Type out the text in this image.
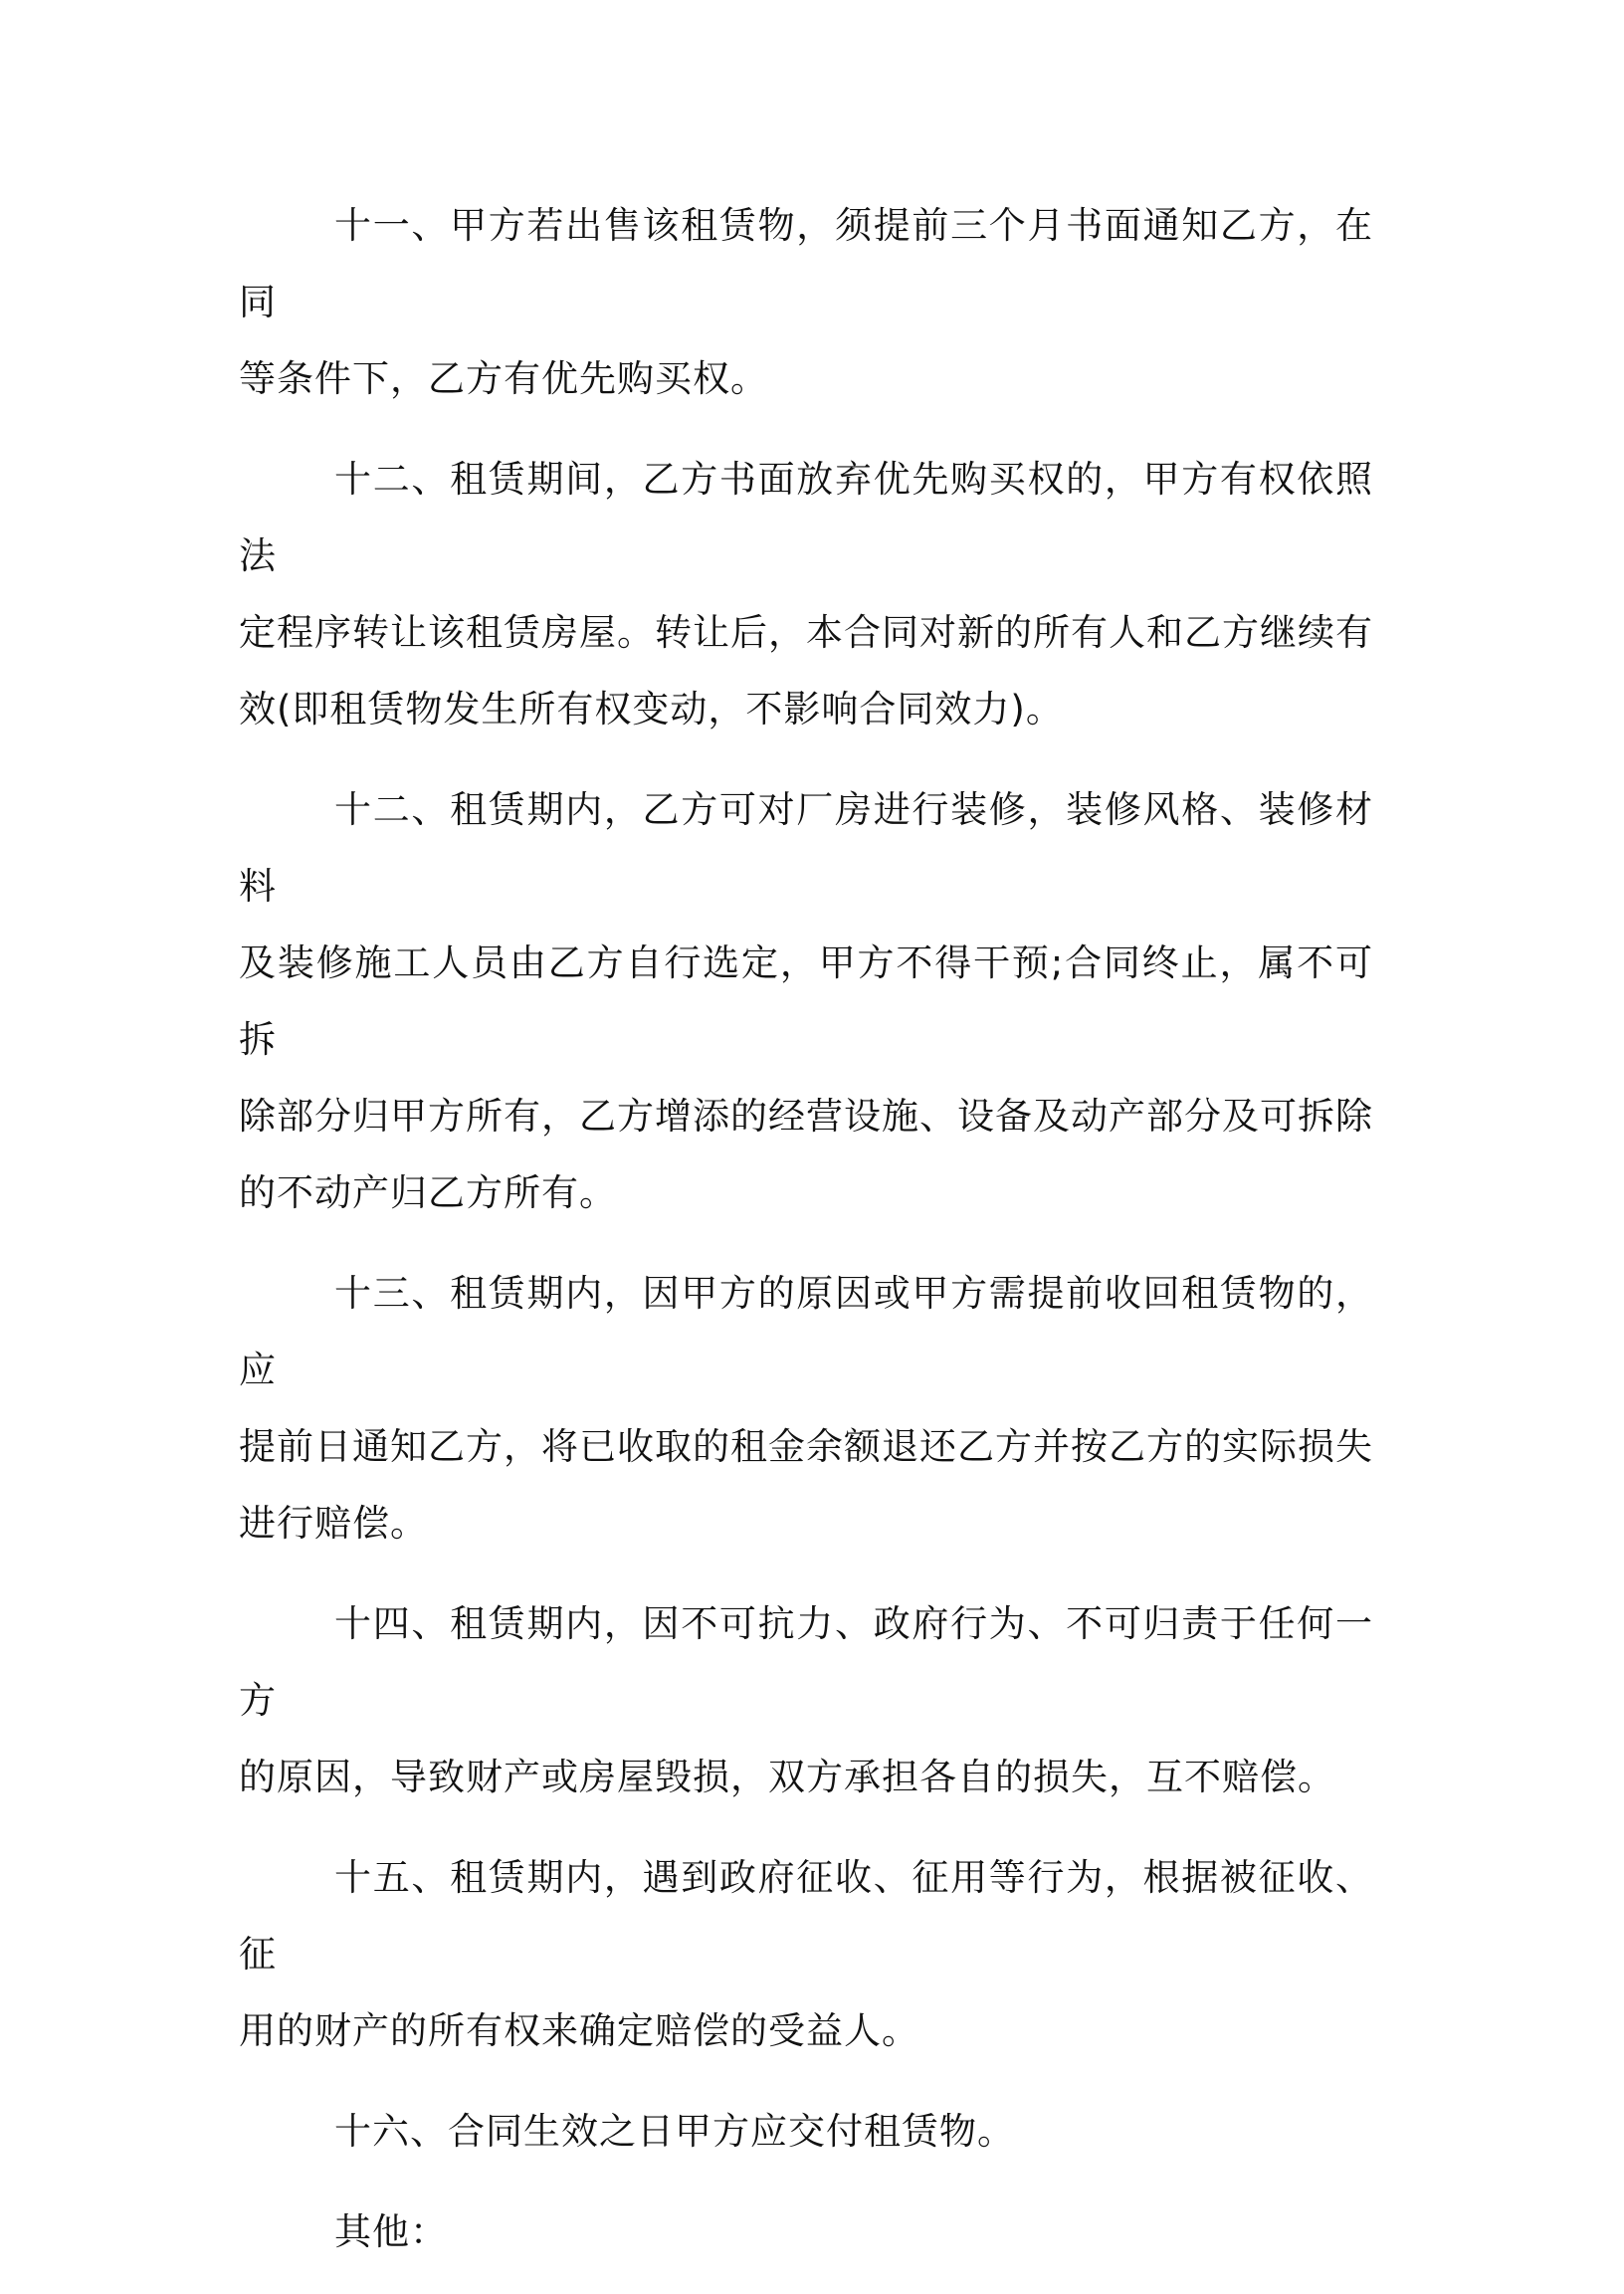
十一、甲方若出售该租赁物，须提前三个月书面通知乙方，在同
等条件下，乙方有优先购买权。

十二、租赁期间，乙方书面放弃优先购买权的，甲方有权依照法
定程序转让该租赁房屋。转让后，本合同对新的所有人和乙方继续有
效(即租赁物发生所有权变动，不影响合同效力)。

十二、租赁期内，乙方可对厂房进行装修，装修风格、装修材料
及装修施工人员由乙方自行选定，甲方不得干预;合同终止，属不可拆
除部分归甲方所有，乙方增添的经营设施、设备及动产部分及可拆除
的不动产归乙方所有。

十三、租赁期内，因甲方的原因或甲方需提前收回租赁物的，应
提前日通知乙方，将已收取的租金余额退还乙方并按乙方的实际损失
进行赔偿。

十四、租赁期内，因不可抗力、政府行为、不可归责于任何一方
的原因，导致财产或房屋毁损，双方承担各自的损失，互不赔偿。

十五、租赁期内，遇到政府征收、征用等行为，根据被征收、征
用的财产的所有权来确定赔偿的受益人。

十六、合同生效之日甲方应交付租赁物。

其他：
